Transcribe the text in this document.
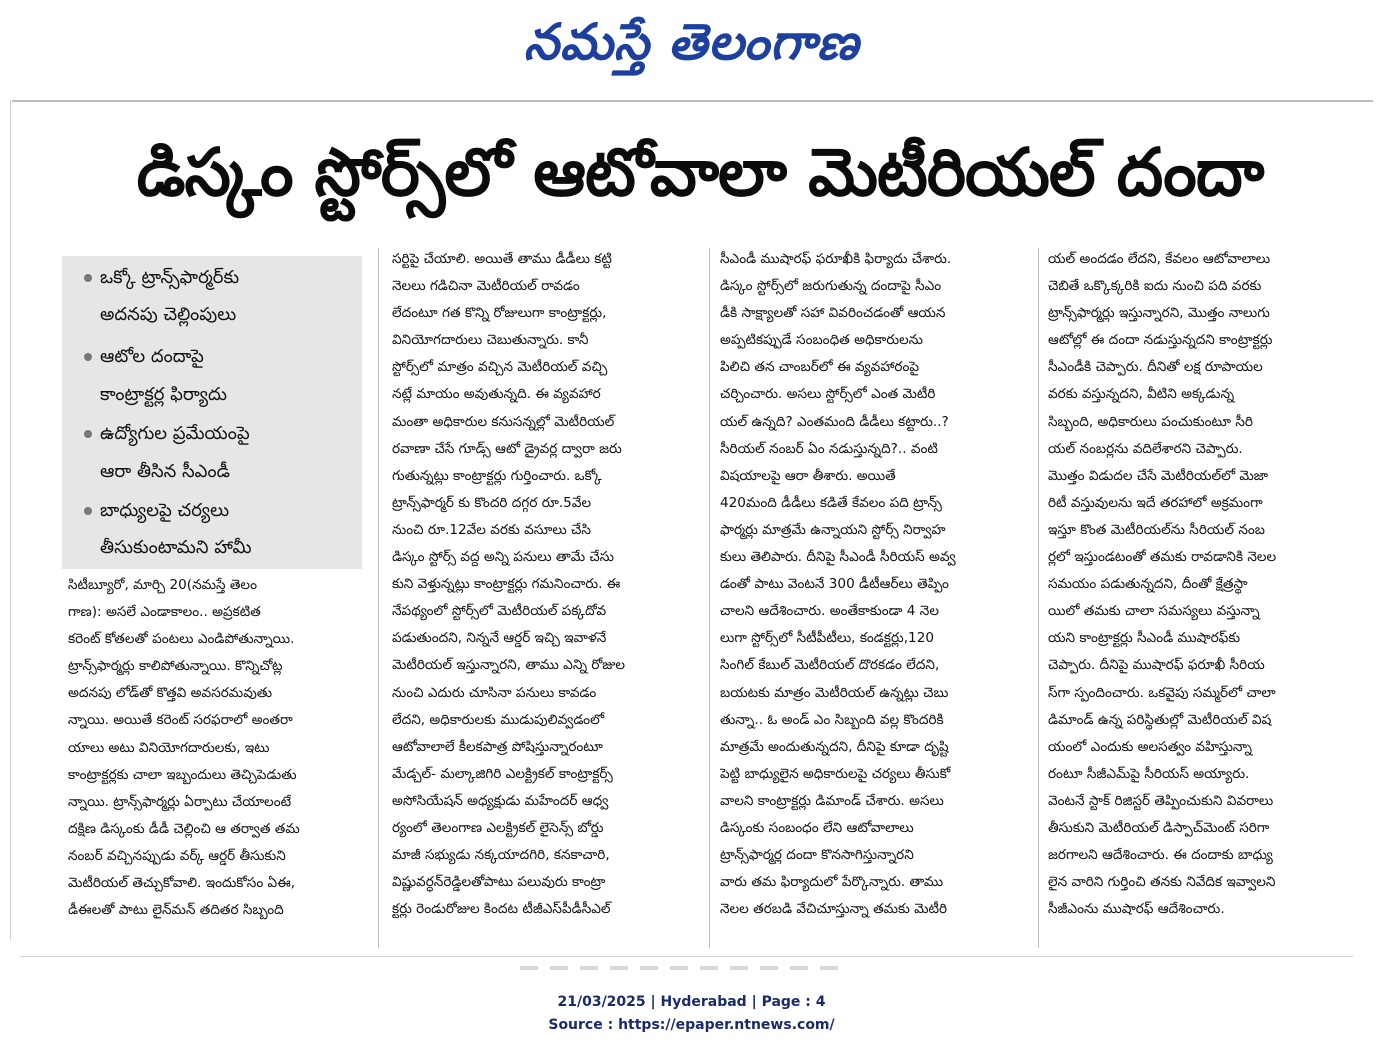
నమస్తే తెలంగాణ
డిస్కం స్టోర్స్‌లో ఆటోవాలా మెటీరియల్ దందా
ఒక్కో ట్రాన్స్‌ఫార్మర్‌కు
అదనపు చెల్లింపులు
ఆటోల దందాపై
కాంట్రాక్టర్ల ఫిర్యాదు
ఉద్యోగుల ప్రమేయంపై
ఆరా తీసిన సీఎండీ
బాధ్యులపై చర్యలు
తీసుకుంటామని హామీ

సిటీబ్యూరో, మార్చి 20(నమస్తే తెలం

గాణ): అసలే ఎండాకాలం.. అప్రకటిత

కరెంట్ కోతలతో పంటలు ఎండిపోతున్నాయి.

ట్రాన్స్‌ఫార్మర్లు కాలిపోతున్నాయి. కొన్నిచోట్ల

అదనపు లోడ్‌తో కొత్తవి అవసరమవుతు

న్నాయి. అయితే కరెంట్ సరఫరాలో అంతరా

యాలు అటు వినియోగదారులకు, ఇటు

కాంట్రాక్టర్లకు చాలా ఇబ్బందులు తెచ్చిపెడుతు

న్నాయి. ట్రాన్స్‌ఫార్మర్లు ఏర్పాటు చేయాలంటే

దక్షిణ డిస్కంకు డీడీ చెల్లించి ఆ తర్వాత తమ

నంబర్ వచ్చినప్పుడు వర్క్ ఆర్డర్ తీసుకుని

మెటీరియల్ తెచ్చుకోవాలి. ఇందుకోసం ఏఈ,

డీఈలతో పాటు లైన్‌మన్ తదితర సిబ్బంది

సర్టిపై చేయాలి. అయితే తాము డీడీలు కట్టి

నెలలు గడిచినా మెటీరియల్ రావడం

లేదంటూ గత కొన్ని రోజులుగా కాంట్రాక్టర్లు,

వినియోగదారులు చెబుతున్నారు. కానీ

స్టోర్స్‌లో మాత్రం వచ్చిన మెటీరియల్ వచ్చి

నట్లే మాయం అవుతున్నది. ఈ వ్యవహార

మంతా అధికారుల కనుసన్నల్లో మెటీరియల్

రవాణా చేసే గూడ్స్ ఆటో డ్రైవర్ల ద్వారా జరు

గుతున్నట్లు కాంట్రాక్టర్లు గుర్తించారు. ఒక్కో

ట్రాన్స్‌ఫార్మర్ కు కొందరి దగ్గర రూ.5వేల

నుంచి రూ.12వేల వరకు వసూలు చేసి

డిస్కం స్టోర్స్ వద్ద అన్ని పనులు తామే చేసు

కుని వెళ్తున్నట్లు కాంట్రాక్టర్లు గమనించారు. ఈ

నేపథ్యంలో స్టోర్స్‌లో మెటీరియల్ పక్కదోవ

పడుతుందని, నిన్ననే ఆర్డర్ ఇచ్చి ఇవాళనే

మెటీరియల్ ఇస్తున్నారని, తాము ఎన్ని రోజుల

నుంచి ఎదురు చూసినా పనులు కావడం

లేదని, అధికారులకు ముడుపులివ్వడంలో

ఆటోవాలాలే కీలకపాత్ర పోషిస్తున్నారంటూ

మేడ్చల్- మల్కాజిగిరి ఎలక్ట్రికల్ కాంట్రాక్టర్స్

అసోసియేషన్ అధ్యక్షుడు మహేందర్ ఆధ్వ

ర్యంలో తెలంగాణ ఎలక్ట్రికల్ లైసెన్స్ బోర్డు

మాజీ సభ్యుడు నక్కయాదగిరి, కనకాచారి,

విష్ణువర్ధన్‌రెడ్డిలతోపాటు పలువురు కాంట్రా

క్టర్లు రెండురోజుల కిందట టీజీఎస్‌పీడీసీఎల్

సీఎండీ ముషారఫ్ ఫరూఖీకి ఫిర్యాదు చేశారు.

డిస్కం స్టోర్స్‌లో జరుగుతున్న దందాపై సీఎం

డీకి సాక్ష్యాలతో సహా వివరించడంతో ఆయన

అప్పటికప్పుడే సంబంధిత అధికారులను

పిలిచి తన చాంబర్‌లో ఈ వ్యవహారంపై

చర్చించారు. అసలు స్టోర్స్‌లో ఎంత మెటీరి

యల్ ఉన్నది? ఎంతమంది డీడీలు కట్టారు..?

సీరియల్ నంబర్ ఏం నడుస్తున్నది?.. వంటి

విషయాలపై ఆరా తీశారు. అయితే

420మంది డీడీలు కడితే కేవలం పది ట్రాన్స్

ఫార్మర్లు మాత్రమే ఉన్నాయని స్టోర్స్ నిర్వాహ

కులు తెలిపారు. దీనిపై సీఎండీ సీరియస్ అవ్వ

డంతో పాటు వెంటనే 300 డీటీఆర్‌లు తెప్పిం

చాలని ఆదేశించారు. అంతేకాకుండా 4 నెల

లుగా స్టోర్స్‌లో సీటీపీటీలు, కండక్టర్లు,120

సింగిల్ కేబుల్ మెటీరియల్ దొరకడం లేదని,

బయటకు మాత్రం మెటీరియల్ ఉన్నట్లు చెబు

తున్నా.. ఓ అండ్ ఎం సిబ్బంది వల్ల కొందరికి

మాత్రమే అందుతున్నదని, దీనిపై కూడా దృష్టి

పెట్టి బాధ్యులైన అధికారులపై చర్యలు తీసుకో

వాలని కాంట్రాక్టర్లు డిమాండ్ చేశారు. అసలు

డిస్కంకు సంబంధం లేని ఆటోవాలాలు

ట్రాన్స్‌ఫార్మర్ల దందా కొనసాగిస్తున్నారని

వారు తమ ఫిర్యాదులో పేర్కొన్నారు. తాము

నెలల తరబడి వేచిచూస్తున్నా తమకు మెటీరి

యల్ అందడం లేదని, కేవలం ఆటోవాలాలు

చెబితే ఒక్కొక్కరికి ఐదు నుంచి పది వరకు

ట్రాన్స్‌ఫార్మర్లు ఇస్తున్నారని, మొత్తం నాలుగు

ఆటోల్లో ఈ దందా నడుస్తున్నదని కాంట్రాక్టర్లు

సీఎండీకి చెప్పారు. దీనితో లక్ష రూపాయల

వరకు వస్తున్నదని, వీటిని అక్కడున్న

సిబ్బంది, అధికారులు పంచుకుంటూ సీరి

యల్ నంబర్లను వదిలేశారని చెప్పారు.

మొత్తం విడుదల చేసే మెటీరియల్‌లో మెజా

రిటీ వస్తువులను ఇదే తరహాలో అక్రమంగా

ఇస్తూ కొంత మెటీరియల్‌ను సీరియల్ నంబ

ర్లలో ఇస్తుండటంతో తమకు రావడానికి నెలల

సమయం పడుతున్నదని, దీంతో క్షేత్రస్థా

యిలో తమకు చాలా సమస్యలు వస్తున్నా

యని కాంట్రాక్టర్లు సీఎండీ ముషారఫ్‌కు

చెప్పారు. దీనిపై ముషారఫ్ ఫరూఖీ సీరియ

స్‌గా స్పందించారు. ఒకవైపు సమ్మర్‌లో చాలా

డిమాండ్ ఉన్న పరిస్థితుల్లో మెటీరియల్ విష

యంలో ఎందుకు అలసత్వం వహిస్తున్నా

రంటూ సీజీఎమ్‌పై సీరియస్ అయ్యారు.

వెంటనే స్టాక్ రిజిస్టర్ తెప్పించుకుని వివరాలు

తీసుకుని మెటీరియల్ డిస్పాచ్‌మెంట్ సరిగా

జరగాలని ఆదేశించారు. ఈ దందాకు బాధ్యు

లైన వారిని గుర్తించి తనకు నివేదిక ఇవ్వాలని

సీజీఎంను ముషారఫ్ ఆదేశించారు.

21/03/2025 | Hyderabad | Page : 4
Source : https://epaper.ntnews.com/
